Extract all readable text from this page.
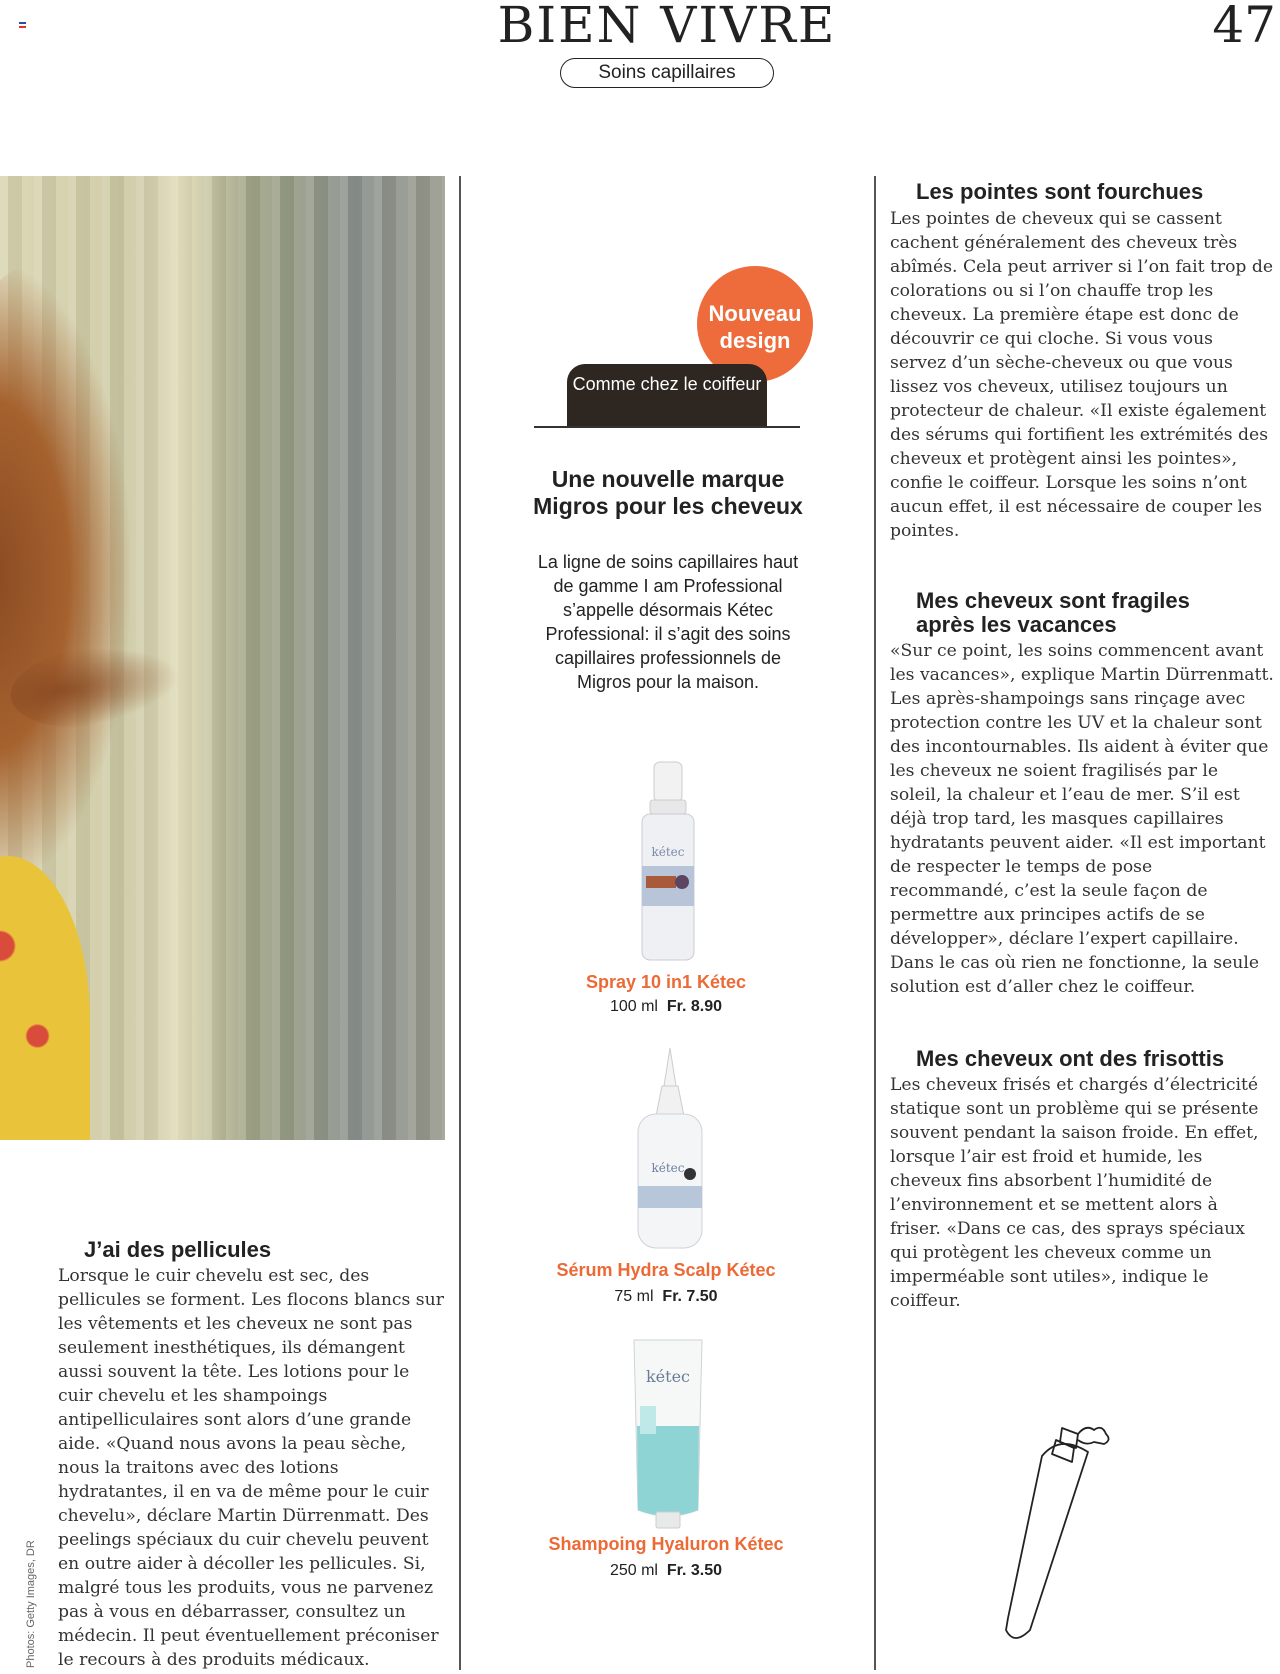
BIEN VIVRE	47
Soins capillaires
J’ai des pellicules

Lorsque le cuir chevelu est sec, des pellicules se forment. Les flocons blancs sur les vêtements et les cheveux ne sont pas seulement inesthétiques, ils démangent aussi souvent la tête. Les lotions pour le cuir chevelu et les shampoings antipelliculaires sont alors d’une grande aide. «Quand nous avons la peau sèche, nous la traitons avec des lotions hydratantes, il en va de même pour le cuir chevelu», déclare Martin Dürrenmatt. Des peelings spéciaux du cuir chevelu peuvent en outre aider à décoller les pellicules. Si, malgré tous les produits, vous ne parvenez pas à vous en débarrasser, consultez un médecin. Il peut éventuellement préconiser le recours à des produits médicaux.

Photos: Getty Images, DR
Nouveau design
Comme chez le coiffeur
Une nouvelle marque Migros pour les cheveux
La ligne de soins capillaires haut de gamme I am Professional s’appelle désormais Kétec Professional: il s’agit des soins capillaires professionnels de Migros pour la maison.
kétec
Spray 10 in1 Kétec
100 ml Fr. 8.90
kétec
Sérum Hydra Scalp Kétec
75 ml Fr. 7.50
kétec
Shampoing Hyaluron Kétec
250 ml Fr. 3.50
Les pointes sont fourchues

Les pointes de cheveux qui se cassent cachent généralement des cheveux très abîmés. Cela peut arriver si l’on fait trop de colorations ou si l’on chauffe trop les cheveux. La première étape est donc de découvrir ce qui cloche. Si vous vous servez d’un sèche-cheveux ou que vous lissez vos cheveux, utilisez toujours un protecteur de chaleur. «Il existe également des sérums qui fortifient les extrémités des cheveux et protègent ainsi les pointes», confie le coiffeur. Lorsque les soins n’ont aucun effet, il est nécessaire de couper les pointes.

Mes cheveux sont fragiles après les vacances

«Sur ce point, les soins commencent avant les vacances», explique Martin Dürrenmatt. Les après-shampoings sans rinçage avec protection contre les UV et la chaleur sont des incontournables. Ils aident à éviter que les cheveux ne soient fragilisés par le soleil, la chaleur et l’eau de mer. S’il est déjà trop tard, les masques capillaires hydratants peuvent aider. «Il est important de respecter le temps de pose recommandé, c’est la seule façon de permettre aux principes actifs de se développer», déclare l’expert capillaire. Dans le cas où rien ne fonctionne, la seule solution est d’aller chez le coiffeur.

Mes cheveux ont des frisottis

Les cheveux frisés et chargés d’électricité statique sont un problème qui se présente souvent pendant la saison froide. En effet, lorsque l’air est froid et humide, les cheveux fins absorbent l’humidité de l’environnement et se mettent alors à friser. «Dans ce cas, des sprays spéciaux qui protègent les cheveux comme un imperméable sont utiles», indique le coiffeur.
